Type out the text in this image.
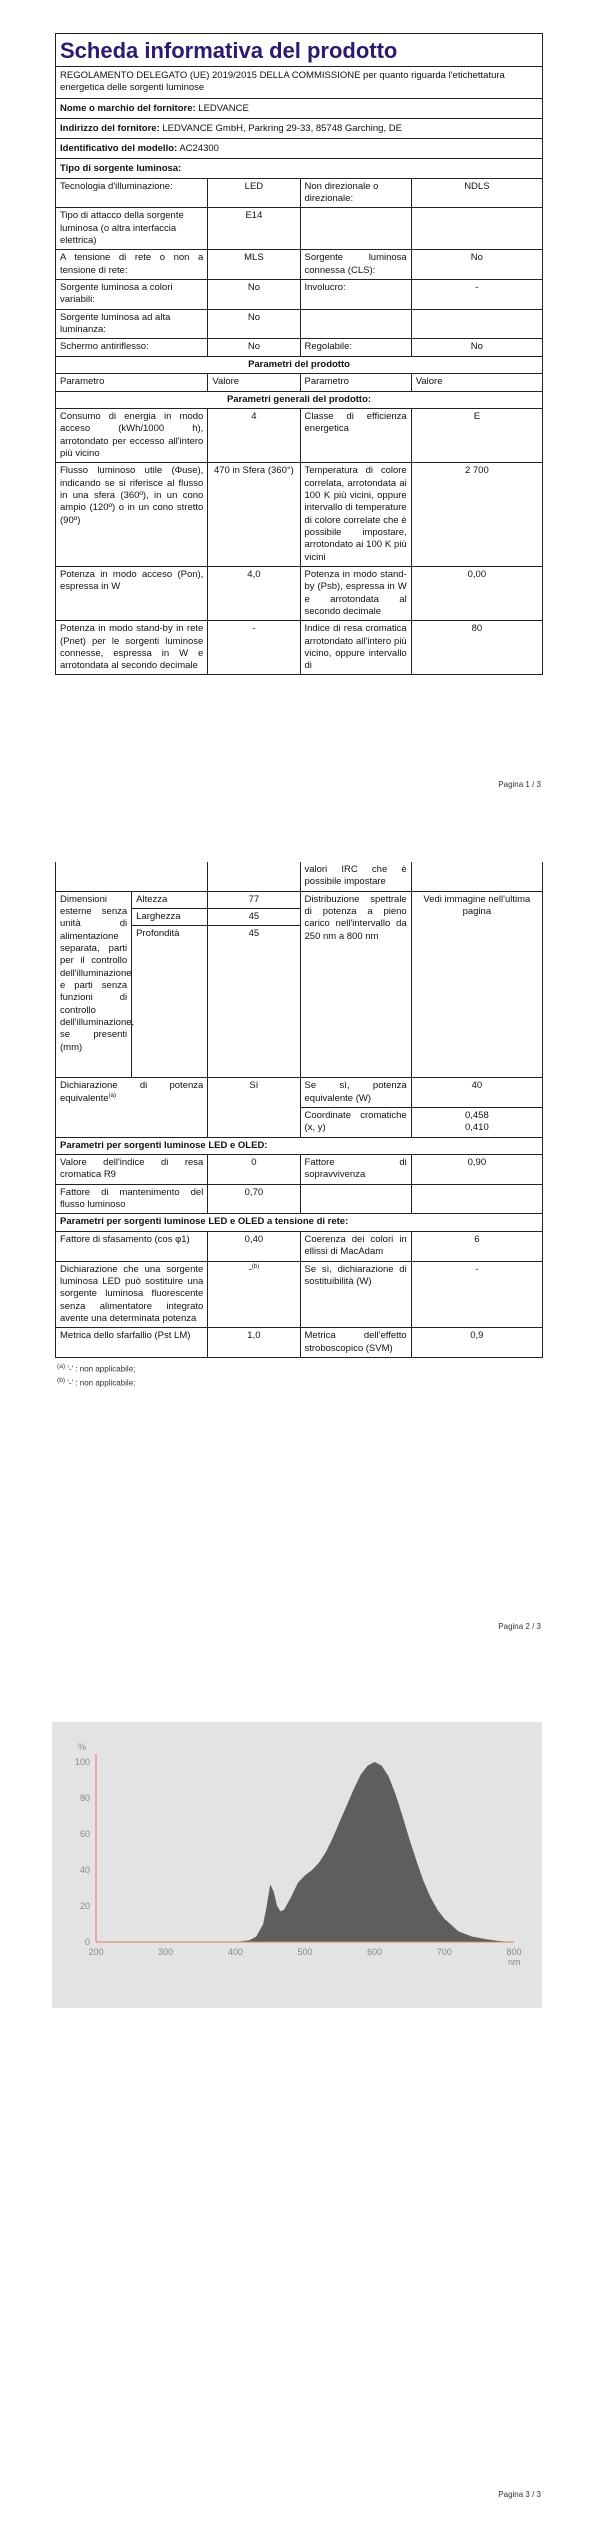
Scheda informativa del prodotto
REGOLAMENTO DELEGATO (UE) 2019/2015 DELLA COMMISSIONE per quanto riguarda l'etichettatura energetica delle sorgenti luminose
Nome o marchio del fornitore: LEDVANCE
Indirizzo del fornitore: LEDVANCE GmbH, Parkring 29-33, 85748 Garching, DE
Identificativo del modello: AC24300
Tipo di sorgente luminosa:
Tecnologia d'illuminazione:	LED	Non direzionale o direzionale:	NDLS
Tipo di attacco della sorgente luminosa (o altra interfaccia elettrica)	E14		
A tensione di rete o non a tensione di rete:	MLS	Sorgente luminosa connessa (CLS):	No
Sorgente luminosa a colori variabili:	No	Involucro:	-
Sorgente luminosa ad alta luminanza:	No		
Schermo antiriflesso:	No	Regolabile:	No
Parametri del prodotto			
Parametro	Valore	Parametro	Valore
Parametri generali del prodotto:			
Consumo di energia in modo acceso (kWh/1000 h), arrotondato per eccesso all'intero più vicino	4	Classe di efficienza energetica	E
Flusso luminoso utile (Φuse), indicando se si riferisce al flusso in una sfera (360º), in un cono ampio (120º) o in un cono stretto (90º)	470 in Sfera (360°)	Temperatura di colore correlata, arrotondata ai 100 K più vicini, oppure intervallo di temperature di colore correlate che è possibile impostare, arrotondato ai 100 K più vicini	2 700
Potenza in modo acceso (Pon), espressa in W	4,0	Potenza in modo stand-by (Psb), espressa in W e arrotondata al secondo decimale	0,00
Potenza in modo stand-by in rete (Pnet) per le sorgenti luminose connesse, espressa in W e arrotondata al secondo decimale	-	Indice di resa cromatica arrotondato all'intero più vicino, oppure intervallo di	80
Pagina 1 / 3
			valori IRC che è possibile impostare	
Dimensioni esterne senza unità di alimentazione separata, parti per il controllo dell'illuminazione e parti senza funzioni di controllo dell'illuminazione, se presenti (mm)	Altezza	77	Distribuzione spettrale di potenza a pieno carico nell'intervallo da 250 nm a 800 nm	Vedi immagine nell'ultima pagina
	Larghezza	45		
	Profondità	45		
Dichiarazione di potenza equivalente$^{(a)}$		Sì	Se sì, potenza equivalente (W)	40
			Coordinate cromatiche (x, y)	0,458
0,410
Parametri per sorgenti luminose LED e OLED:				
Valore dell'indice di resa cromatica R9		0	Fattore di sopravvivenza	0,90
Fattore di mantenimento del flusso luminoso		0,70		
Parametri per sorgenti luminose LED e OLED a tensione di rete:				
Fattore di sfasamento (cos φ1)		0,40	Coerenza dei colori in ellissi di MacAdam	6
Dichiarazione che una sorgente luminosa LED può sostituire una sorgente luminosa fluorescente senza alimentatore integrato avente una determinata potenza		-$^{(b)}$	Se sì, dichiarazione di sostituibilità (W)	-
Metrica dello sfarfallio (Pst LM)		1,0	Metrica dell'effetto stroboscopico (SVM)	0,9
$^{(a)}$ '-' : non applicabile;
$^{(b)}$ '-' : non applicabile;
Pagina 2 / 3
0
20
40
60
80
100
200	300	400	500	600	700	800
%
nm
Pagina 3 / 3
